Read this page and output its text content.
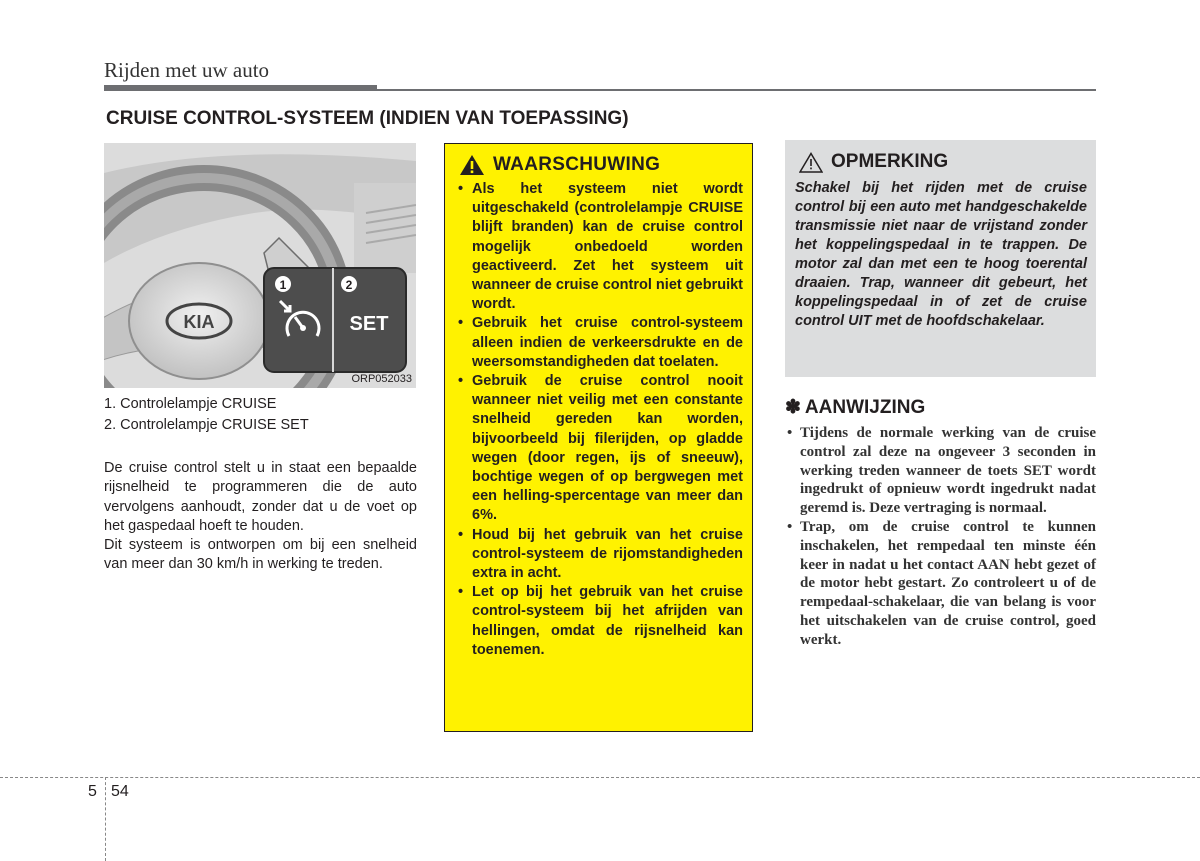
Rijden met uw auto
CRUISE CONTROL-SYSTEEM (INDIEN VAN TOEPASSING)
KIA
1	2
SET
ORP052033
1. Controlelampje CRUISE
2. Controlelampje CRUISE SET

De cruise control stelt u in staat een bepaalde rijsnelheid te programmeren die de auto vervolgens aanhoudt, zonder dat u de voet op het gaspedaal hoeft te houden.

Dit systeem is ontworpen om bij een snelheid van meer dan 30 km/h in werking te treden.

WAARSCHUWING
• Als het systeem niet wordt uitgeschakeld (controlelampje CRUISE blijft branden) kan de cruise control mogelijk onbedoeld worden geactiveerd. Zet het systeem uit wanneer de cruise control niet gebruikt wordt.
• Gebruik het cruise control-systeem alleen indien de verkeersdrukte en de weersomstandigheden dat toelaten.
• Gebruik de cruise control nooit wanneer niet veilig met een constante snelheid gereden kan worden, bijvoorbeeld bij filerijden, op gladde wegen (door regen, ijs of sneeuw), bochtige wegen of op bergwegen met een helling-spercentage van meer dan 6%.
• Houd bij het gebruik van het cruise control-systeem de rijomstandigheden extra in acht.
• Let op bij het gebruik van het cruise control-systeem bij het afrijden van hellingen, omdat de rijsnelheid kan toenemen.
OPMERKING

Schakel bij het rijden met de cruise control bij een auto met handgeschakelde transmissie niet naar de vrijstand zonder het koppelingspedaal in te trappen. De motor zal dan met een te hoog toerental draaien. Trap, wanneer dit gebeurt, het koppelingspedaal in of zet de cruise control UIT met de hoofdschakelaar.

✽ AANWIJZING
• Tijdens de normale werking van de cruise control zal deze na ongeveer 3 seconden in werking treden wanneer de toets SET wordt ingedrukt of opnieuw wordt ingedrukt nadat geremd is. Deze vertraging is normaal.
• Trap, om de cruise control te kunnen inschakelen, het rempedaal ten minste één keer in nadat u het contact AAN hebt gezet of de motor hebt gestart. Zo controleert u of de rempedaal-schakelaar, die van belang is voor het uitschakelen van de cruise control, goed werkt.
5 54
